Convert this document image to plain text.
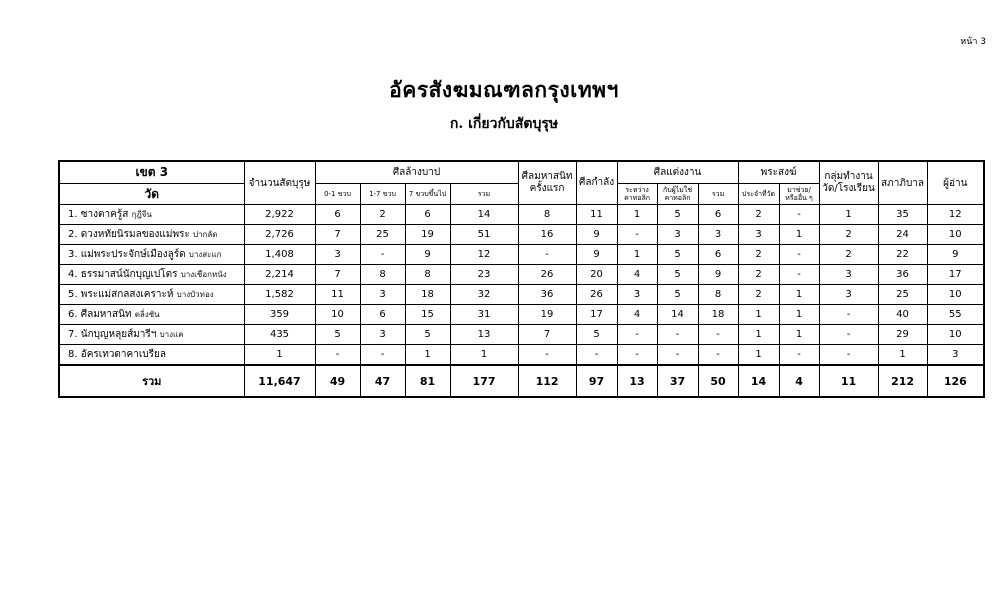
หน้า 3
อัครสังฆมณฑลกรุงเทพฯ
ก. เกี่ยวกับสัตบุรุษ
เขต 3	จำนวนสัตบุรุษ	ศีลล้างบาป				ศีลมหาสนิทครั้งแรก	ศีลกำลัง	ศีลแต่งงาน			พระสงฆ์		กลุ่มทำงานวัด/โรงเรียน	สภาภิบาล	ผู้อ่าน
วัด		0-1 ขวบ	1-7 ขวบ	7 ขวบขึ้นไป	รวม			ระหว่างคาทอลิก	กับผู้ไม่ใช่คาทอลิก	รวม	ประจำที่วัด	มาช่วย/หรืออื่น ๆ			
1. ซางตาครู้ส กุฎีจีน	2,922	6	2	6	14	8	11	1	5	6	2	-	1	35	12
2. ดวงหทัยนิรมลของแม่พระ ปากลัด	2,726	7	25	19	51	16	9	-	3	3	3	1	2	24	10
3. แม่พระประจักษ์เมืองลูร์ด บางสะแก	1,408	3	-	9	12	-	9	1	5	6	2	-	2	22	9
4. ธรรมาสน์นักบุญเปโตร บางเชือกหนัง	2,214	7	8	8	23	26	20	4	5	9	2	-	3	36	17
5. พระแม่สกลสงเคราะห์ บางบัวทอง	1,582	11	3	18	32	36	26	3	5	8	2	1	3	25	10
6. ศีลมหาสนิท ตลิ่งชัน	359	10	6	15	31	19	17	4	14	18	1	1	-	40	55
7. นักบุญหลุยส์มารีฯ บางแค	435	5	3	5	13	7	5	-	-	-	1	1	-	29	10
8. อัครเทวดาคาเบรียล	1	-	-	1	1	-	-	-	-	-	1	-	-	1	3
รวม	11,647	49	47	81	177	112	97	13	37	50	14	4	11	212	126
